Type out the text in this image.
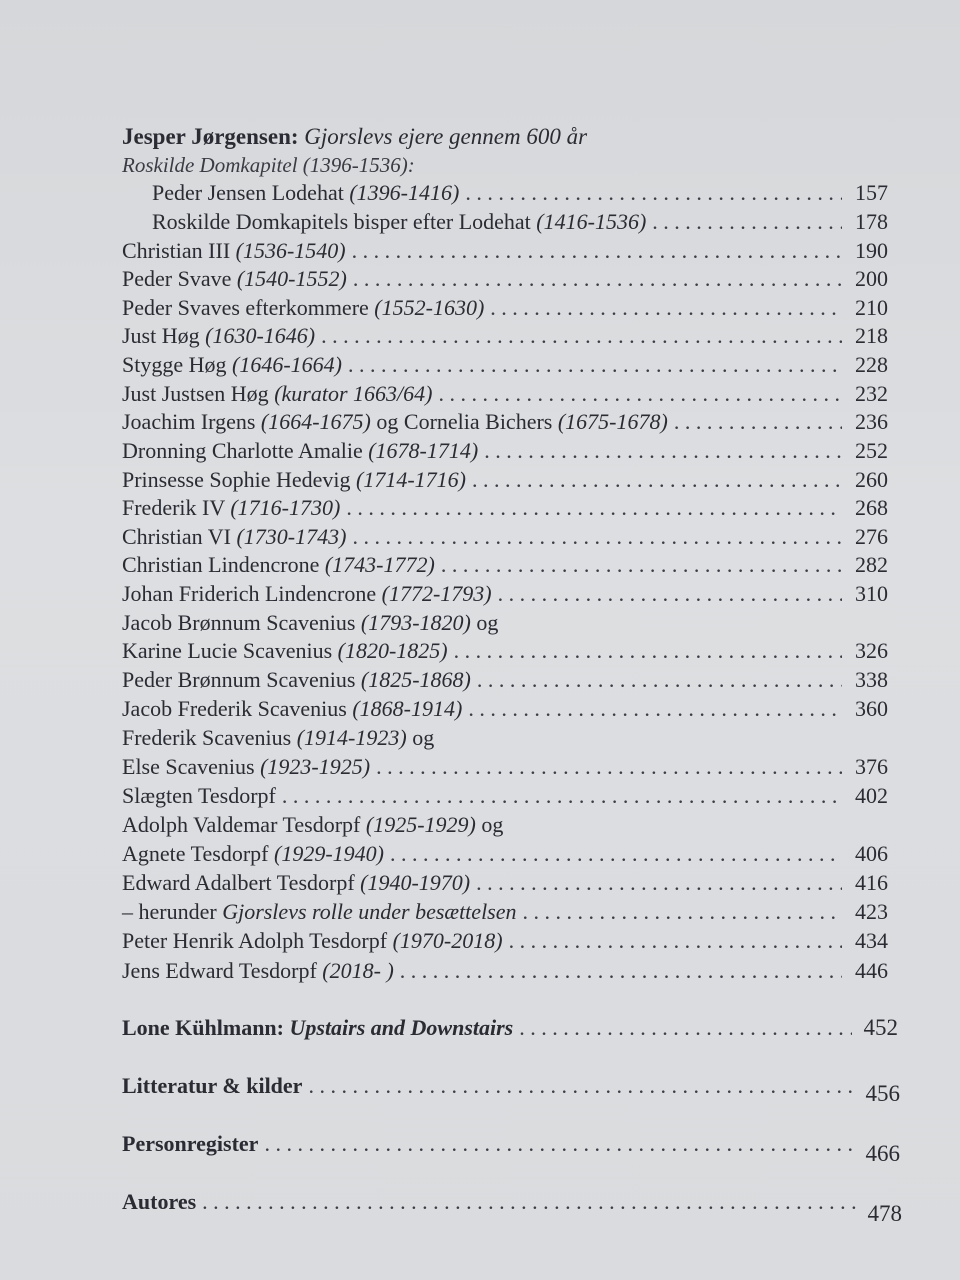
Jesper Jørgensen: Gjorslevs ejere gennem 600 år
Roskilde Domkapitel (1396-1536):
Peder Jensen Lodehat (1396-1416) . . .	157
Roskilde Domkapitels bisper efter Lodehat (1416-1536) . . .	178
Christian III (1536-1540) . . .	190
Peder Svave (1540-1552) . . .	200
Peder Svaves efterkommere (1552-1630) . . .	210
Just Høg (1630-1646) . . .	218
Stygge Høg (1646-1664) . . .	228
Just Justsen Høg (kurator 1663/64) . . .	232
Joachim Irgens (1664-1675) og Cornelia Bichers (1675-1678) . . .	236
Dronning Charlotte Amalie (1678-1714) . . .	252
Prinsesse Sophie Hedevig (1714-1716) . . .	260
Frederik IV (1716-1730) . . .	268
Christian VI (1730-1743) . . .	276
Christian Lindencrone (1743-1772) . . .	282
Johan Friderich Lindencrone (1772-1793) . . .	310
Jacob Brønnum Scavenius (1793-1820) og
Karine Lucie Scavenius (1820-1825) . . .	326
Peder Brønnum Scavenius (1825-1868) . . .	338
Jacob Frederik Scavenius (1868-1914) . . .	360
Frederik Scavenius (1914-1923) og
Else Scavenius (1923-1925) . . .	376
Slægten Tesdorpf . . .	402
Adolph Valdemar Tesdorpf (1925-1929) og
Agnete Tesdorpf (1929-1940) . . .	406
Edward Adalbert Tesdorpf (1940-1970) . . .	416
– herunder Gjorslevs rolle under besættelsen . . .	423
Peter Henrik Adolph Tesdorpf (1970-2018) . . .	434
Jens Edward Tesdorpf (2018- ) . . .	446
Lone Kühlmann: Upstairs and Downstairs . . .	452
Litteratur & kilder . . .	456
Personregister . . .	466
Autores . . .	478
